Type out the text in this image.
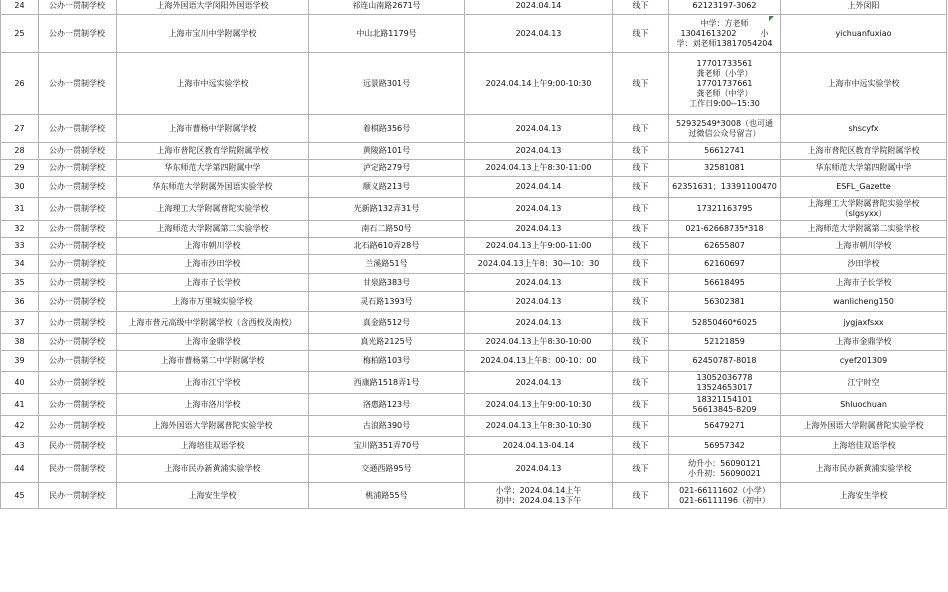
24	公办一贯制学校	上海外国语大学闵阳外国语学校	祁连山南路2671号	2024.04.14	线下	62123197-3062	上外闵阳

25	公办一贯制学校	上海市宝川中学附属学校	中山北路1179号	2024.04.13	线下	中学：方老师
13041613202　　　小
学：刘老师13817054204	yichuanfuxiao

26	公办一贯制学校	上海市中远实验学校	远景路301号	2024.04.14上午9:00-10:30	线下	17701733561
龚老师（小学）
17701737661
龚老师（中学）
工作日9:00--15:30	上海市中远实验学校

27	公办一贯制学校	上海市曹杨中学附属学校	着棋路356号	2024.04.13	线下	52932549*3008（也可通
过微信公众号留言）	shscyfx

28	公办一贯制学校	上海市普陀区教育学院附属学校	黄陵路101号	2024.04.13	线下	56612741	上海市普陀区教育学院附属学校

29	公办一贯制学校	华东师范大学第四附属中学	泸定路279号	2024.04.13上午8:30-11:00	线下	32581081	华东师范大学第四附属中学

30	公办一贯制学校	华东师范大学附属外国语实验学校	顺义路213号	2024.04.14	线下	62351631；13391100470	ESFL_Gazette

31	公办一贯制学校	上海理工大学附属普陀实验学校	光新路132弄31号	2024.04.13	线下	17321163795	上海理工大学附属普陀实验学校
（slgsyxx）

32	公办一贯制学校	上海师范大学附属第二实验学校	南石二路50号	2024.04.13	线下	021-62668735*318	上海师范大学附属第二实验学校

33	公办一贯制学校	上海市朝川学校	北石路610弄28号	2024.04.13上午9:00-11:00	线下	62655807	上海市朝川学校

34	公办一贯制学校	上海市沙田学校	兰溪路51号	2024.04.13上午8：30—10：30	线下	62160697	沙田学校

35	公办一贯制学校	上海市子长学校	甘泉路383号	2024.04.13	线下	56618495	上海市子长学校

36	公办一贯制学校	上海市万里城实验学校	灵石路1393号	2024.04.13	线下	56302381	wanlicheng150

37	公办一贯制学校	上海市普元高级中学附属学校（含西校及南校）	真金路512号	2024.04.13	线下	52850460*6025	jygjaxfsxx

38	公办一贯制学校	上海市金鼎学校	真光路2125号	2024.04.13上午8:30-10:00	线下	52121859	上海市金鼎学校

39	公办一贯制学校	上海市曹杨第二中学附属学校	梅柏路103号	2024.04.13上午8：00-10：00	线下	62450787-8018	cyef201309

40	公办一贯制学校	上海市江宁学校	西康路1518弄1号	2024.04.13	线下	13052036778
13524653017	江宁时空

41	公办一贯制学校	上海市洛川学校	洛惠路123号	2024.04.13上午9:00-10:30	线下	18321154101
56613845-8209	Shluochuan

42	公办一贯制学校	上海外国语大学附属普陀实验学校	古浪路390号	2024.04.13上午8:30-10:30	线下	56479271	上海外国语大学附属普陀实验学校

43	民办一贯制学校	上海培佳双语学校	宝川路351弄70号	2024.04.13-04.14	线下	56957342	上海培佳双语学校

44	民办一贯制学校	上海市民办新黄浦实验学校	交通西路95号	2024.04.13	线下	幼升小：56090121
小升初：56090021	上海市民办新黄浦实验学校

45	民办一贯制学校	上海安生学校	桃浦路55号	小学：2024.04.14上午
初中：2024.04.13下午	线下	021-66111602（小学）
021-66111196（初中）	上海安生学校
